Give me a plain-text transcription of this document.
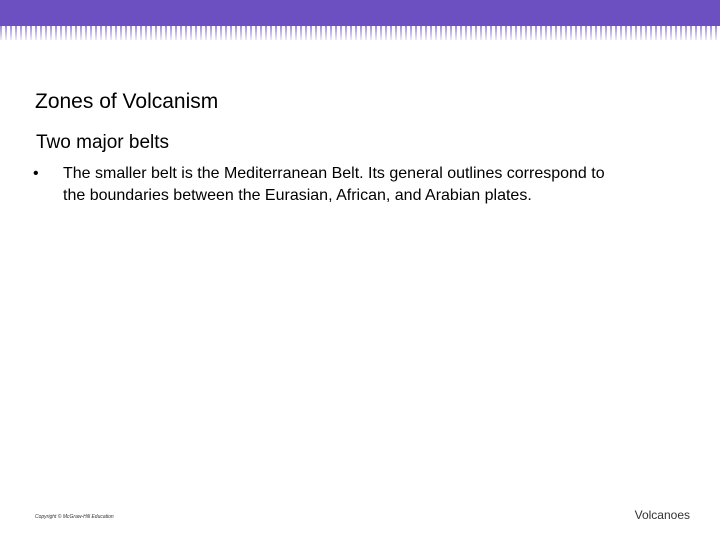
Zones of Volcanism
Two major belts
•	The smaller belt is the Mediterranean Belt. Its general outlines correspond to the boundaries between the Eurasian, African, and Arabian plates.
Copyright © McGraw-Hill Education	Volcanoes
